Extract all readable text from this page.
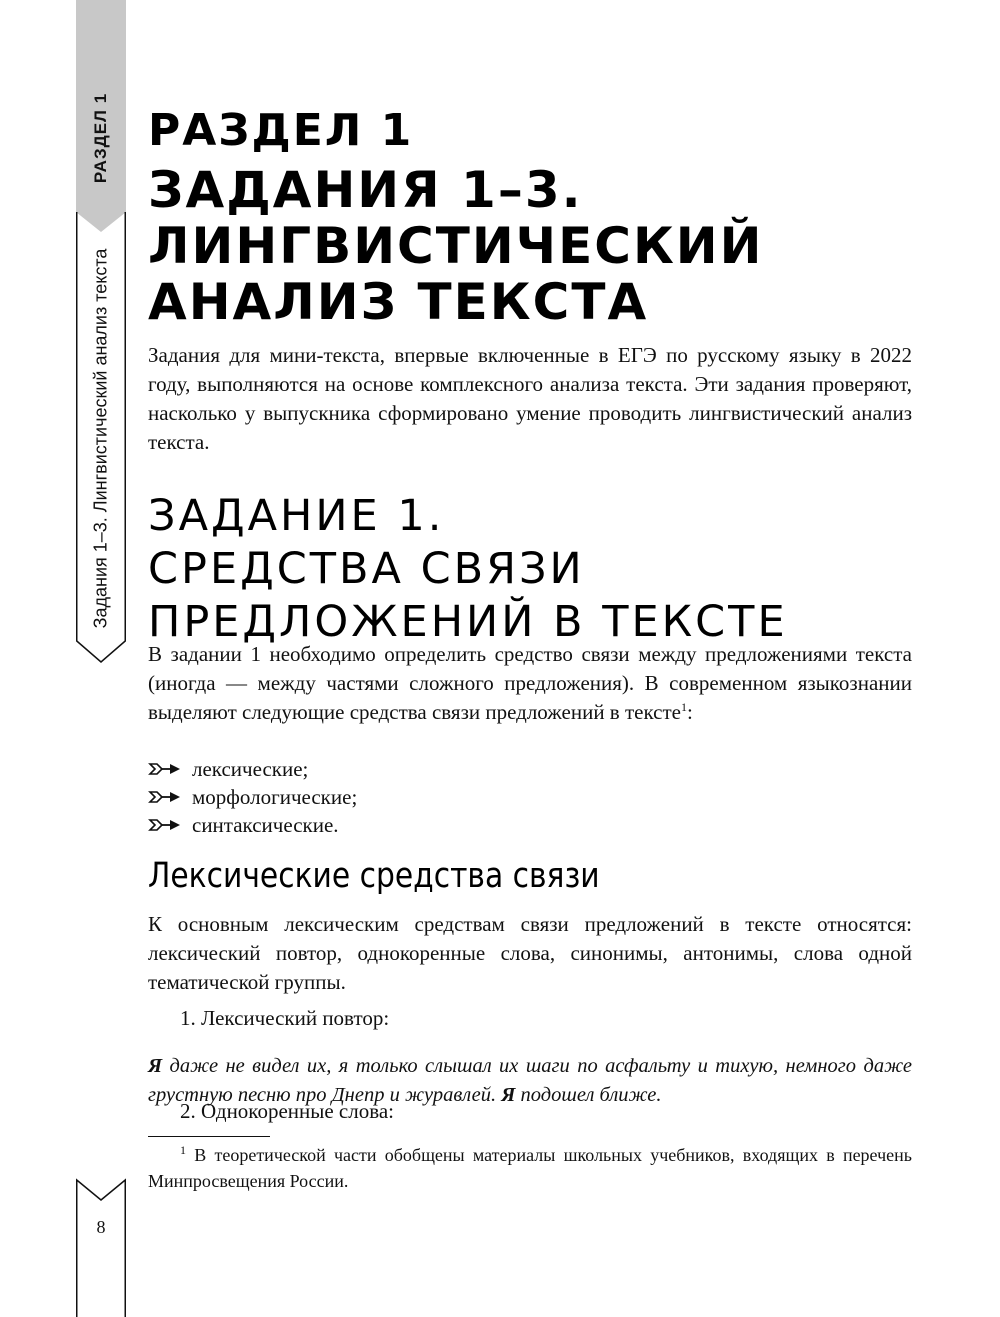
РАЗДЕЛ 1
Задания 1–3. Лингвистический анализ текста
8
РАЗДЕЛ 1
ЗАДАНИЯ 1–3.
ЛИНГВИСТИЧЕСКИЙ
АНАЛИЗ ТЕКСТА

Задания для мини-текста, впервые включенные в ЕГЭ по русскому языку в 2022 году, выполняются на основе комплексного анализа текста. Эти задания проверяют, насколько у выпускника сформировано умение проводить лингвистический анализ текста.

ЗАДАНИЕ 1.
СРЕДСТВА СВЯЗИ
ПРЕДЛОЖЕНИЙ В ТЕКСТЕ

В задании 1 необходимо определить средство связи между предложениями текста (иногда — между частями сложного предложения). В современном языкознании выделяют следующие средства связи предложений в тексте$^1$:

лексические;
морфологические;
синтаксические.
Лексические средства связи

К основным лексическим средствам связи предложений в тексте относятся: лексический повтор, однокоренные слова, синонимы, антонимы, слова одной тематической группы.

1. Лексический повтор:

Я даже не видел их, я только слышал их шаги по асфальту и тихую, немного даже грустную песню про Днепр и журавлей. Я подошел ближе.

2. Однокоренные слова:

$^1$ В теоретической части обобщены материалы школьных учебников, входящих в перечень Минпросвещения России.
